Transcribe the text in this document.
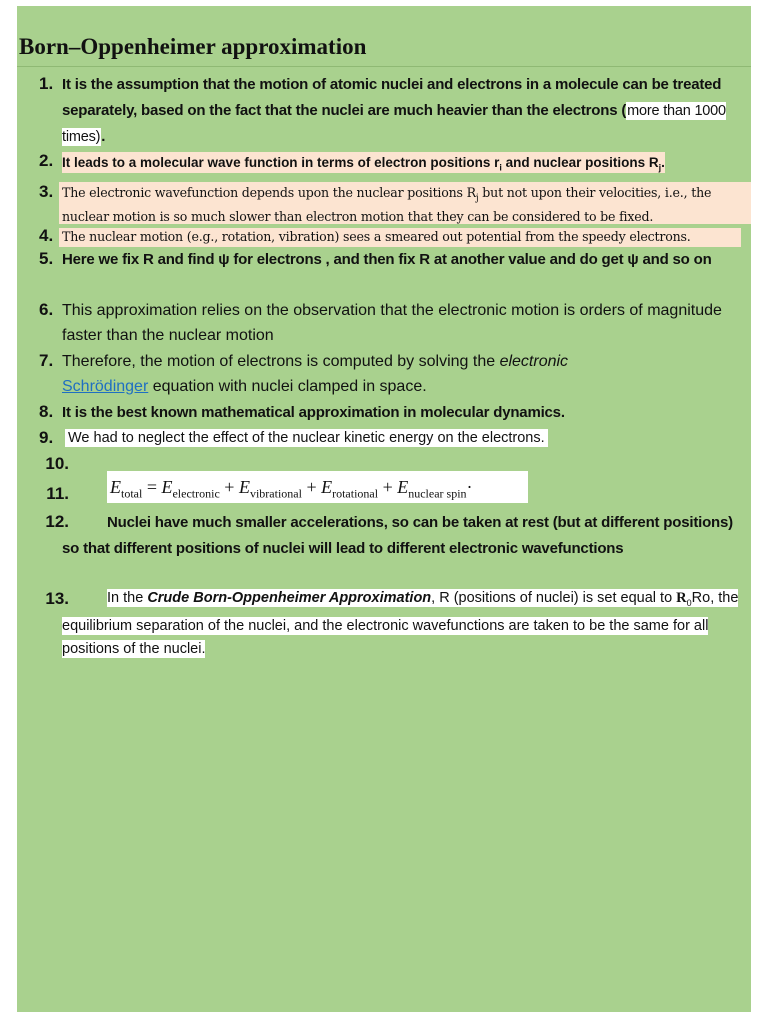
Born–Oppenheimer approximation
1. It is the assumption that the motion of atomic nuclei and electrons in a molecule can be treated separately, based on the fact that the nuclei are much heavier than the electrons (more than 1000 times).
2. It leads to a molecular wave function in terms of electron positions $r_i$ and nuclear positions $R_j$.
3. The electronic wavefunction depends upon the nuclear positions $R_j$ but not upon their velocities, i.e., the nuclear motion is so much slower than electron motion that they can be considered to be fixed.
4. The nuclear motion (e.g., rotation, vibration) sees a smeared out potential from the speedy electrons.
5. Here we fix R and find ψ for electrons , and then fix R at another value and do get ψ and so on
6. This approximation relies on the observation that the electronic motion is orders of magnitude faster than the nuclear motion
7. Therefore, the motion of electrons is computed by solving the electronic Schrödinger equation with nuclei clamped in space.
8. It is the best known mathematical approximation in molecular dynamics.
9. We had to neglect the effect of the nuclear kinetic energy on the electrons.
10.
11. $E_{total} = E_{electronic} + E_{vibrational} + E_{rotational} + E_{nuclear spin}\cdot$
12.	Nuclei have much smaller accelerations, so can be taken at rest (but at different positions) so that different positions of nuclei will lead to different electronic wavefunctions
13.	In the Crude Born-Oppenheimer Approximation, R (positions of nuclei) is set equal to $R_0Ro$, the equilibrium separation of the nuclei, and the electronic wavefunctions are taken to be the same for all positions of the nuclei.
